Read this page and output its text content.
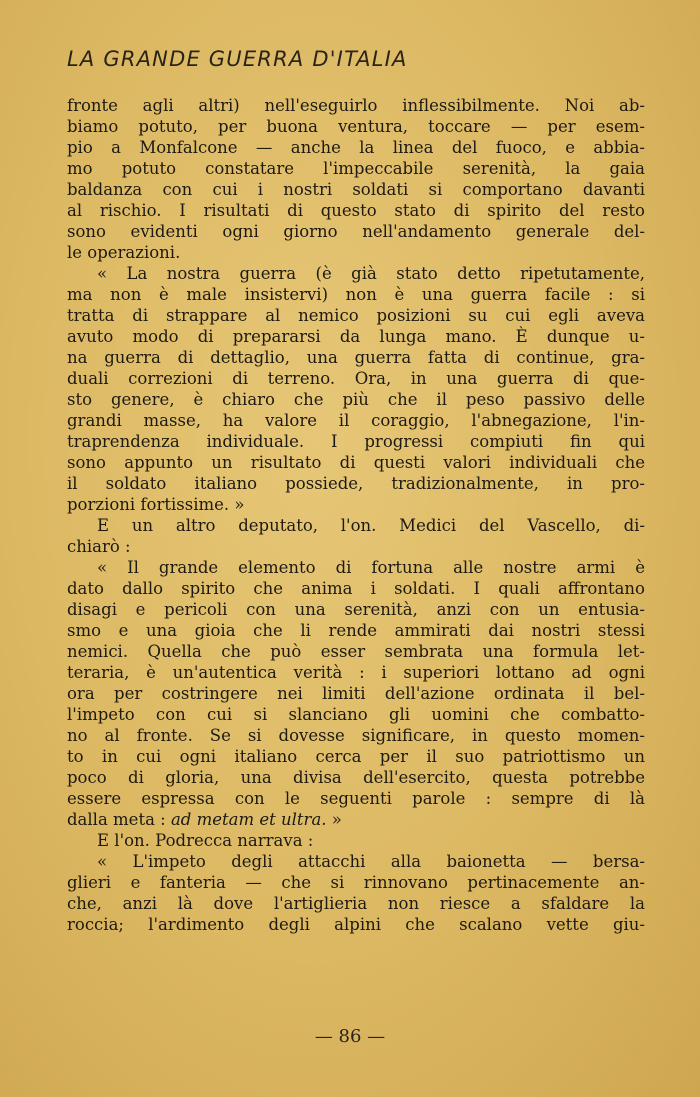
LA GRANDE GUERRA D'ITALIA
fronte agli altri) nell'eseguirlo inflessibilmente. Noi ab-
biamo potuto, per buona ventura, toccare — per esem-
pio a Monfalcone — anche la linea del fuoco, e abbia-
mo potuto constatare l'impeccabile serenità, la gaia
baldanza con cui i nostri soldati si comportano davanti
al rischio. I risultati di questo stato di spirito del resto
sono evidenti ogni giorno nell'andamento generale del-
le operazioni.
« La nostra guerra (è già stato detto ripetutamente,
ma non è male insistervi) non è una guerra facile : si
tratta di strappare al nemico posizioni su cui egli aveva
avuto modo di prepararsi da lunga mano. È dunque u-
na guerra di dettaglio, una guerra fatta di continue, gra-
duali correzioni di terreno. Ora, in una guerra di que-
sto genere, è chiaro che più che il peso passivo delle
grandi masse, ha valore il coraggio, l'abnegazione, l'in-
traprendenza individuale. I progressi compiuti fin qui
sono appunto un risultato di questi valori individuali che
il soldato italiano possiede, tradizionalmente, in pro-
porzioni fortissime. »
E un altro deputato, l'on. Medici del Vascello, di-
chiarò :
« Il grande elemento di fortuna alle nostre armi è
dato dallo spirito che anima i soldati. I quali affrontano
disagi e pericoli con una serenità, anzi con un entusia-
smo e una gioia che li rende ammirati dai nostri stessi
nemici. Quella che può esser sembrata una formula let-
teraria, è un'autentica verità : i superiori lottano ad ogni
ora per costringere nei limiti dell'azione ordinata il bel-
l'impeto con cui si slanciano gli uomini che combatto-
no al fronte. Se si dovesse significare, in questo momen-
to in cui ogni italiano cerca per il suo patriottismo un
poco di gloria, una divisa dell'esercito, questa potrebbe
essere espressa con le seguenti parole : sempre di là
dalla meta : ad metam et ultra. »
E l'on. Podrecca narrava :
« L'impeto degli attacchi alla baionetta — bersa-
glieri e fanteria — che si rinnovano pertinacemente an-
che, anzi là dove l'artiglieria non riesce a sfaldare la
roccia; l'ardimento degli alpini che scalano vette giu-
— 86 —
